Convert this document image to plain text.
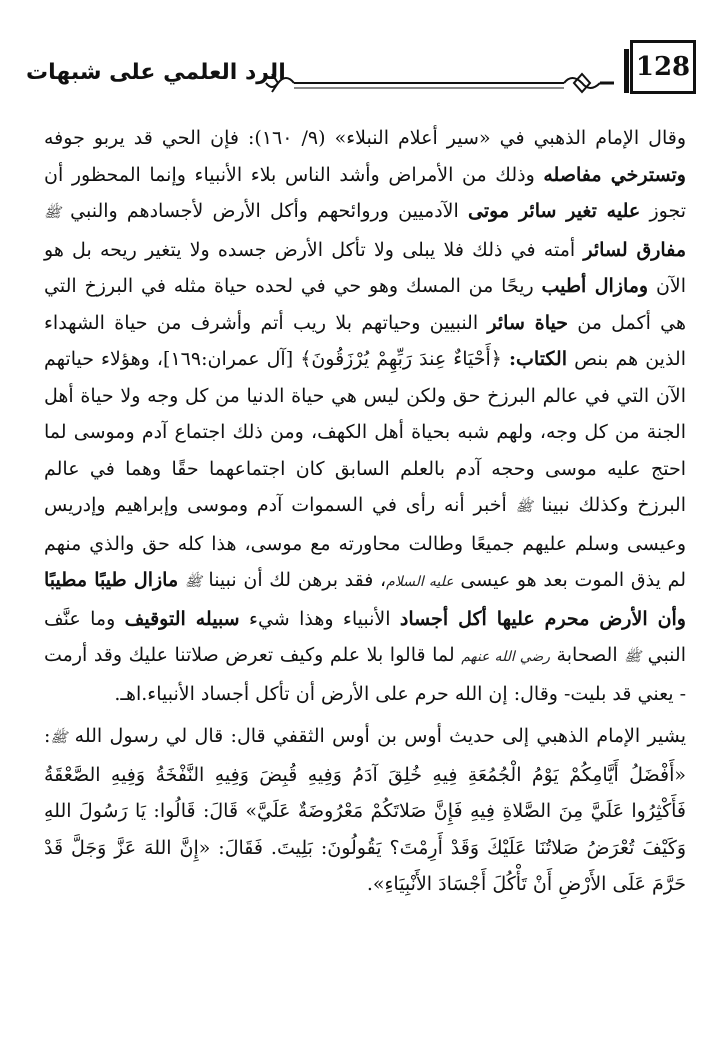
الرد العلمي على شبهات	128

وقال الإمام الذهبي في «سير أعلام النبلاء» (٩/ ١٦٠): فإن الحي قد يربو جوفه وتسترخي مفاصله وذلك من الأمراض وأشد الناس بلاء الأنبياء وإنما المحظور أن تجوز عليه تغير سائر موتى الآدميين وروائحهم وأكل الأرض لأجسادهم والنبي ﷺ مفارق لسائر أمته في ذلك فلا يبلى ولا تأكل الأرض جسده ولا يتغير ريحه بل هو الآن ومازال أطيب ريحًا من المسك وهو حي في لحده حياة مثله في البرزخ التي هي أكمل من حياة سائر النبيين وحياتهم بلا ريب أتم وأشرف من حياة الشهداء الذين هم بنص الكتاب: ﴿أَحْيَاءٌ عِندَ رَبِّهِمْ يُرْزَقُونَ﴾ [آل عمران:١٦٩]، وهؤلاء حياتهم الآن التي في عالم البرزخ حق ولكن ليس هي حياة الدنيا من كل وجه ولا حياة أهل الجنة من كل وجه، ولهم شبه بحياة أهل الكهف، ومن ذلك اجتماع آدم وموسى لما احتج عليه موسى وحجه آدم بالعلم السابق كان اجتماعهما حقًا وهما في عالم البرزخ وكذلك نبينا ﷺ أخبر أنه رأى في السموات آدم وموسى وإبراهيم وإدريس وعيسى وسلم عليهم جميعًا وطالت محاورته مع موسى، هذا كله حق والذي منهم لم يذق الموت بعد هو عيسى عليه السلام، فقد برهن لك أن نبينا ﷺ مازال طيبًا مطيبًا وأن الأرض محرم عليها أكل أجساد الأنبياء وهذا شيء سبيله التوقيف وما عنَّف النبي ﷺ الصحابة رضي الله عنهم لما قالوا بلا علم وكيف تعرض صلاتنا عليك وقد أرمت - يعني قد بليت- وقال: إن الله حرم على الأرض أن تأكل أجساد الأنبياء.اهـ.

يشير الإمام الذهبي إلى حديث أوس بن أوس الثقفي قال: قال لي رسول الله ﷺ: «أَفْضَلُ أَيَّامِكُمْ يَوْمُ الْجُمُعَةِ فِيهِ خُلِقَ آدَمُ وَفِيهِ قُبِضَ وَفِيهِ النَّفْخَةُ وَفِيهِ الصَّعْقَةُ فَأَكْثِرُوا عَلَيَّ مِنَ الصَّلاةِ فِيهِ فَإِنَّ صَلاتَكُمْ مَعْرُوضَةٌ عَلَيَّ» قَالَ: قَالُوا: يَا رَسُولَ اللهِ وَكَيْفَ تُعْرَضُ صَلاتُنَا عَلَيْكَ وَقَدْ أَرِمْتَ؟ يَقُولُونَ: بَلِيتَ. فَقَالَ: «إِنَّ اللهَ عَزَّ وَجَلَّ قَدْ حَرَّمَ عَلَى الأَرْضِ أَنْ تَأْكُلَ أَجْسَادَ الأَنْبِيَاءِ».
